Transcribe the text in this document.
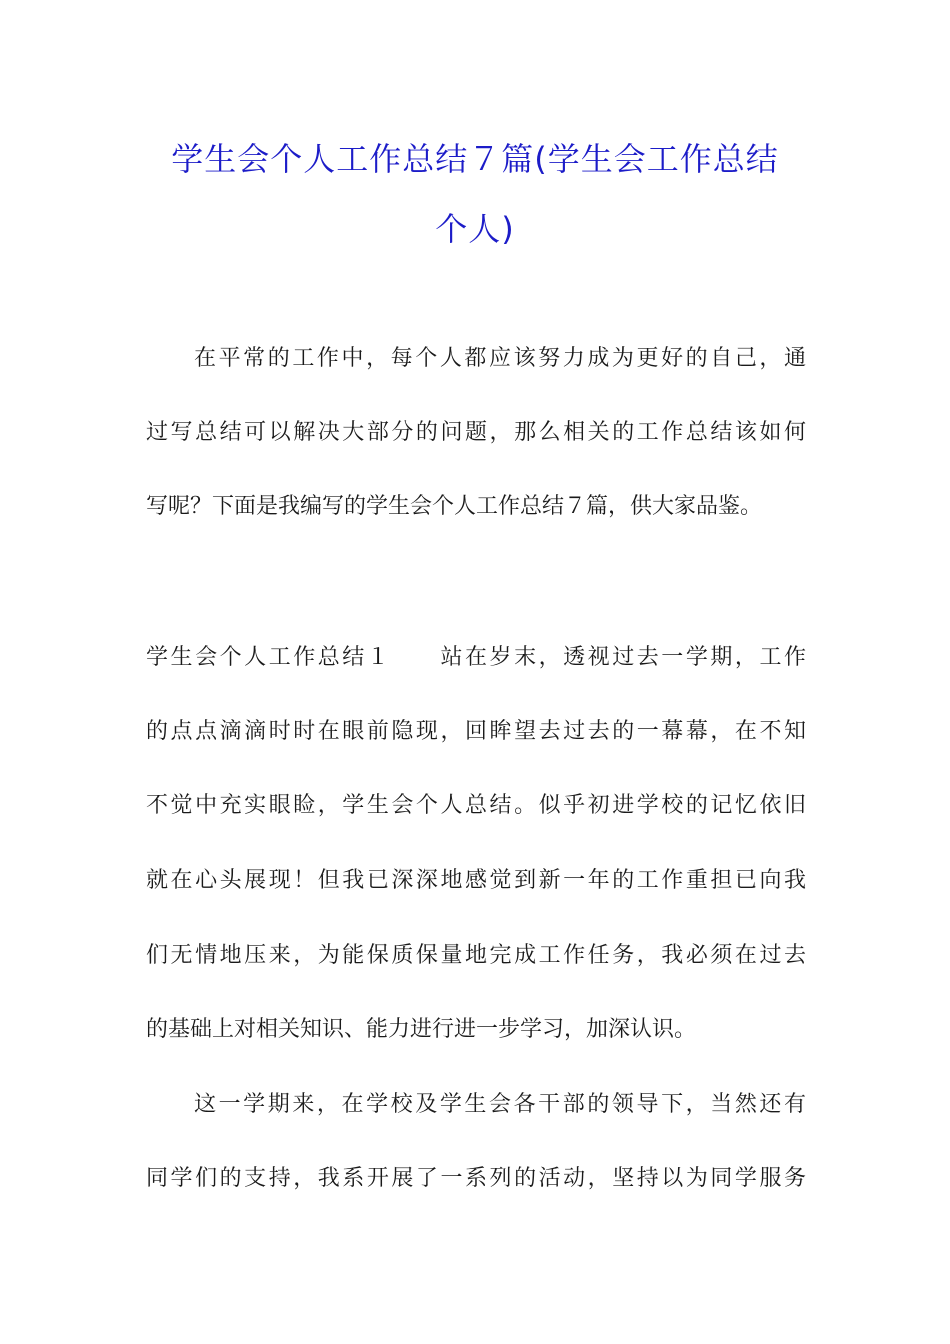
学生会个人工作总结７篇(学生会工作总结
个人)

在平常的工作中，每个人都应该努力成为更好的自己，通

过写总结可以解决大部分的问题，那么相关的工作总结该如何

写呢？下面是我编写的学生会个人工作总结７篇，供大家品鉴。

学生会个人工作总结１　　站在岁末，透视过去一学期，工作

的点点滴滴时时在眼前隐现，回眸望去过去的一幕幕，在不知

不觉中充实眼睑，学生会个人总结。似乎初进学校的记忆依旧

就在心头展现！但我已深深地感觉到新一年的工作重担已向我

们无情地压来，为能保质保量地完成工作任务，我必须在过去

的基础上对相关知识、能力进行进一步学习，加深认识。

这一学期来，在学校及学生会各干部的领导下，当然还有

同学们的支持，我系开展了一系列的活动，坚持以为同学服务
